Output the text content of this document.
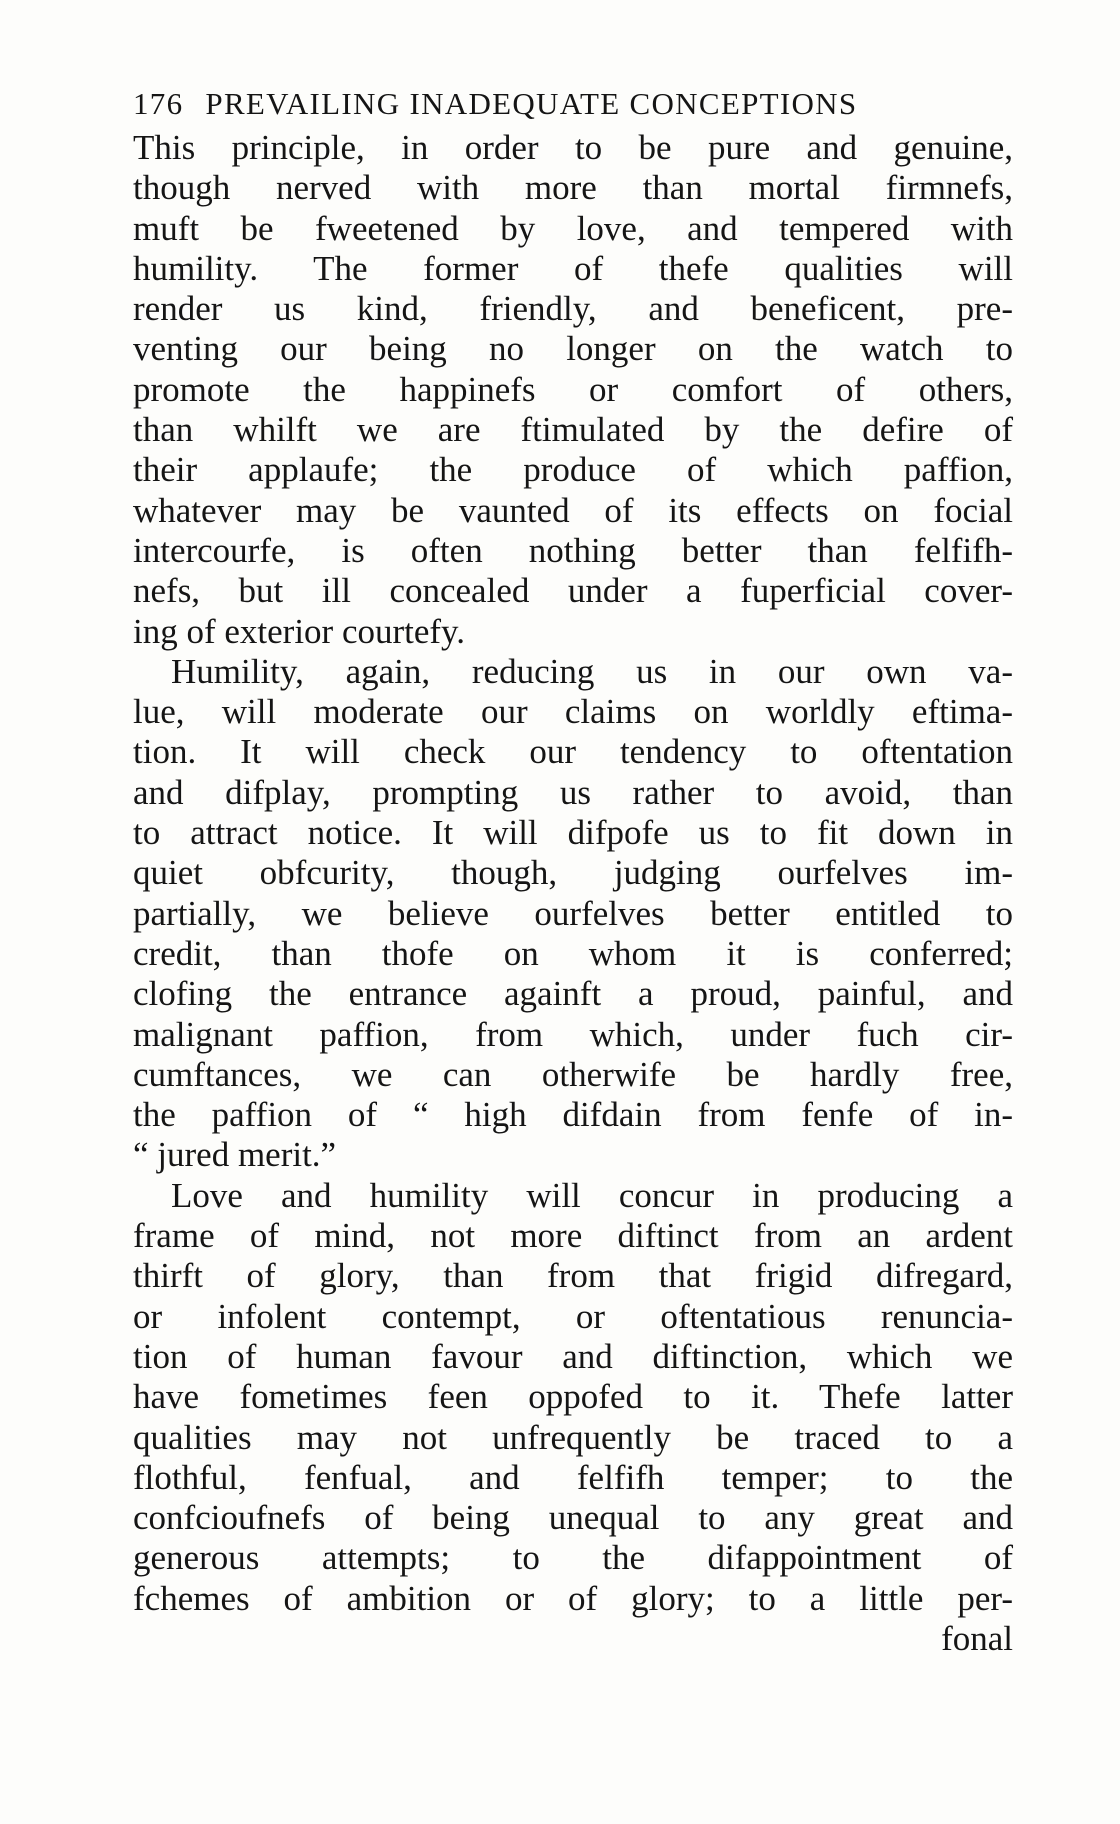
176 PREVAILING INADEQUATE CONCEPTIONS
This principle, in order to be pure and genuine,
though nerved with more than mortal firmnefs,
muft be fweetened by love, and tempered with
humility. The former of thefe qualities will
render us kind, friendly, and beneficent, pre-
venting our being no longer on the watch to
promote the happinefs or comfort of others,
than whilft we are ftimulated by the defire of
their applaufe; the produce of which paffion,
whatever may be vaunted of its effects on focial
intercourfe, is often nothing better than felfifh-
nefs, but ill concealed under a fuperficial cover-
ing of exterior courtefy.
Humility, again, reducing us in our own va-
lue, will moderate our claims on worldly eftima-
tion. It will check our tendency to oftentation
and difplay, prompting us rather to avoid, than
to attract notice. It will difpofe us to fit down in
quiet obfcurity, though, judging ourfelves im-
partially, we believe ourfelves better entitled to
credit, than thofe on whom it is conferred;
clofing the entrance againft a proud, painful, and
malignant paffion, from which, under fuch cir-
cumftances, we can otherwife be hardly free,
the paffion of “ high difdain from fenfe of in-
“ jured merit.”
Love and humility will concur in producing a
frame of mind, not more diftinct from an ardent
thirft of glory, than from that frigid difregard,
or infolent contempt, or oftentatious renuncia-
tion of human favour and diftinction, which we
have fometimes feen oppofed to it. Thefe latter
qualities may not unfrequently be traced to a
flothful, fenfual, and felfifh temper; to the
confcioufnefs of being unequal to any great and
generous attempts; to the difappointment of
fchemes of ambition or of glory; to a little per-
fonal
